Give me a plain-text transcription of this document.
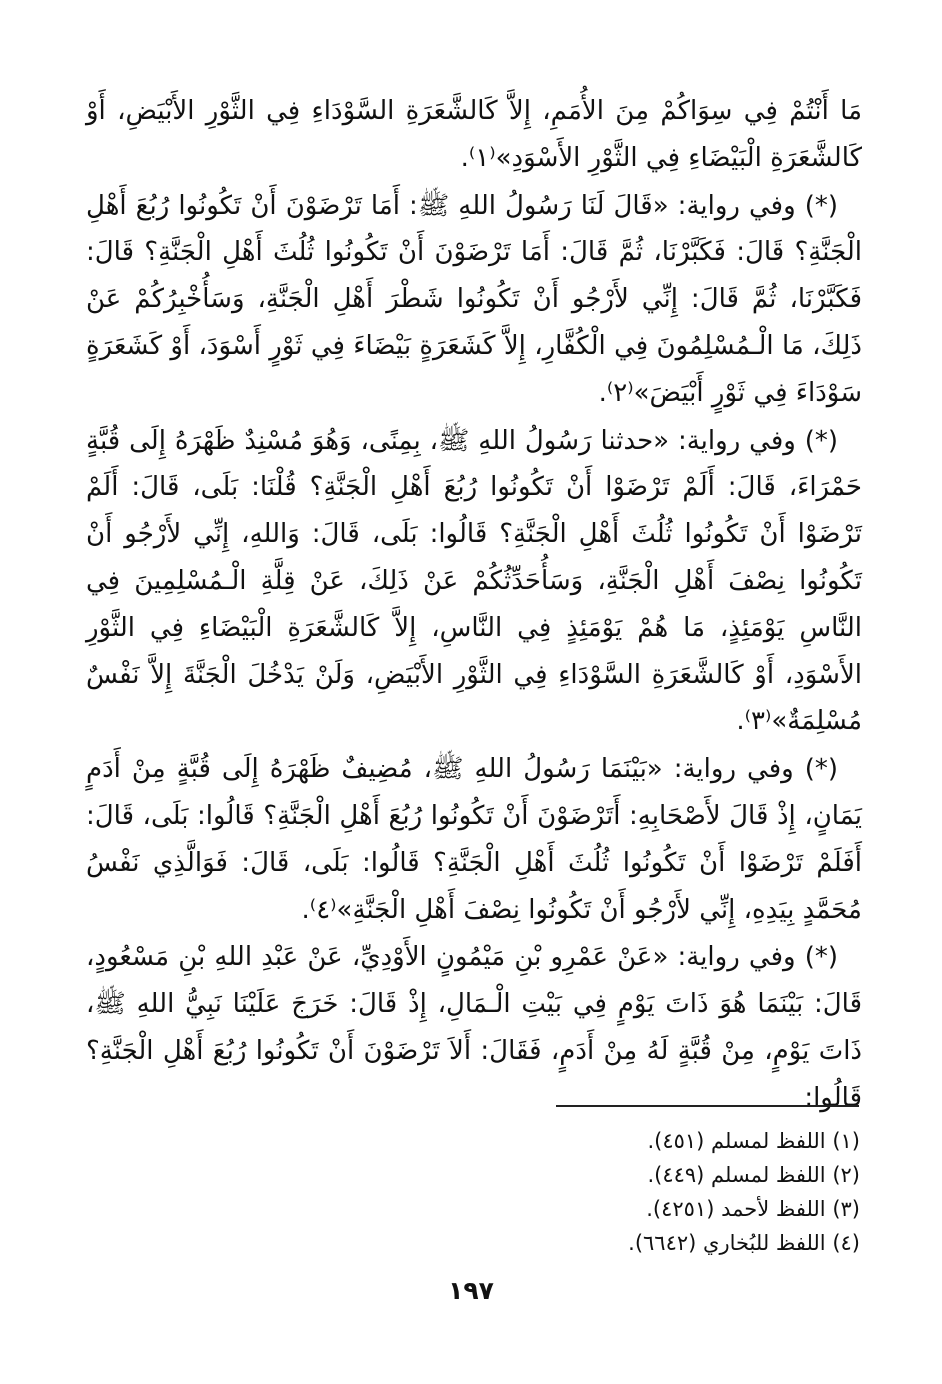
مَا أَنْتُمْ فِي سِوَاكُمْ مِنَ الأُمَمِ، إِلاَّ كَالشَّعَرَةِ السَّوْدَاءِ فِي الثَّوْرِ الأَبْيَضِ، أَوْ كَالشَّعَرَةِ الْبَيْضَاءِ فِي الثَّوْرِ الأَسْوَدِ»⁽١⁾.

(*) وفي رواية: «قَالَ لَنَا رَسُولُ اللهِ ﷺ: أَمَا تَرْضَوْنَ أَنْ تَكُونُوا رُبُعَ أَهْلِ الْجَنَّةِ؟ قَالَ: فَكَبَّرْنَا، ثُمَّ قَالَ: أَمَا تَرْضَوْنَ أَنْ تَكُونُوا ثُلُثَ أَهْلِ الْجَنَّةِ؟ قَالَ: فَكَبَّرْنَا، ثُمَّ قَالَ: إِنِّي لأَرْجُو أَنْ تَكُونُوا شَطْرَ أَهْلِ الْجَنَّةِ، وَسَأُخْبِرُكُمْ عَنْ ذَلِكَ، مَا الْـمُسْلِمُونَ فِي الْكُفَّارِ، إِلاَّ كَشَعَرَةٍ بَيْضَاءَ فِي ثَوْرٍ أَسْوَدَ، أَوْ كَشَعَرَةٍ سَوْدَاءَ فِي ثَوْرٍ أَبْيَضَ»⁽٢⁾.

(*) وفي رواية: «حدثنا رَسُولُ اللهِ ﷺ، بِمِنًى، وَهُوَ مُسْنِدٌ ظَهْرَهُ إِلَى قُبَّةٍ حَمْرَاءَ، قَالَ: أَلَمْ تَرْضَوْا أَنْ تَكُونُوا رُبُعَ أَهْلِ الْجَنَّةِ؟ قُلْنَا: بَلَى، قَالَ: أَلَمْ تَرْضَوْا أَنْ تَكُونُوا ثُلُثَ أَهْلِ الْجَنَّةِ؟ قَالُوا: بَلَى، قَالَ: وَاللهِ، إِنِّي لأَرْجُو أَنْ تَكُونُوا نِصْفَ أَهْلِ الْجَنَّةِ، وَسَأُحَدِّثُكُمْ عَنْ ذَلِكَ، عَنْ قِلَّةِ الْـمُسْلِمِينَ فِي النَّاسِ يَوْمَئِذٍ، مَا هُمْ يَوْمَئِذٍ فِي النَّاسِ، إِلاَّ كَالشَّعَرَةِ الْبَيْضَاءِ فِي الثَّوْرِ الأَسْوَدِ، أَوْ كَالشَّعَرَةِ السَّوْدَاءِ فِي الثَّوْرِ الأَبْيَضِ، وَلَنْ يَدْخُلَ الْجَنَّةَ إِلاَّ نَفْسٌ مُسْلِمَةٌ»⁽٣⁾.

(*) وفي رواية: «بَيْنَمَا رَسُولُ اللهِ ﷺ، مُضِيفٌ ظَهْرَهُ إِلَى قُبَّةٍ مِنْ أَدَمٍ يَمَانٍ، إِذْ قَالَ لأَصْحَابِهِ: أَتَرْضَوْنَ أَنْ تَكُونُوا رُبُعَ أَهْلِ الْجَنَّةِ؟ قَالُوا: بَلَى، قَالَ: أَفَلَمْ تَرْضَوْا أَنْ تَكُونُوا ثُلُثَ أَهْلِ الْجَنَّةِ؟ قَالُوا: بَلَى، قَالَ: فَوَالَّذِي نَفْسُ مُحَمَّدٍ بِيَدِهِ، إِنِّي لأَرْجُو أَنْ تَكُونُوا نِصْفَ أَهْلِ الْجَنَّةِ»⁽٤⁾.

(*) وفي رواية: «عَنْ عَمْرِو بْنِ مَيْمُونٍ الأَوْدِيِّ، عَنْ عَبْدِ اللهِ بْنِ مَسْعُودٍ، قَالَ: بَيْنَمَا هُوَ ذَاتَ يَوْمٍ فِي بَيْتِ الْـمَالِ، إِذْ قَالَ: خَرَجَ عَلَيْنَا نَبِيُّ اللهِ ﷺ، ذَاتَ يَوْمٍ، مِنْ قُبَّةٍ لَهُ مِنْ أَدَمٍ، فَقَالَ: أَلاَ تَرْضَوْنَ أَنْ تَكُونُوا رُبُعَ أَهْلِ الْجَنَّةِ؟ قَالُوا:

(١) اللفظ لمسلم (٤٥١).
(٢) اللفظ لمسلم (٤٤٩).
(٣) اللفظ لأحمد (٤٢٥١).
(٤) اللفظ للبُخاري (٦٦٤٢).
١٩٧
